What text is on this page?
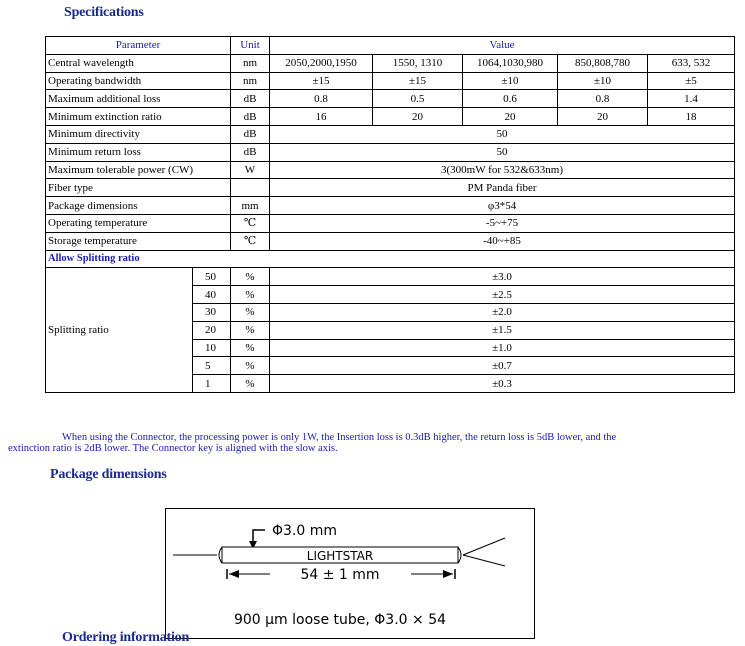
Specifications
Parameter		Unit	Value				
Central wavelength		nm	2050,2000,1950	1550, 1310	1064,1030,980	850,808,780	633, 532
Operating bandwidth		nm	±15	±15	±10	±10	±5
Maximum additional loss		dB	0.8	0.5	0.6	0.8	1.4
Minimum extinction ratio		dB	16	20	20	20	18
Minimum directivity		dB	50				
Minimum return loss		dB	50				
Maximum tolerable power (CW)		W	3(300mW for 532&633nm)				
Fiber type			PM Panda fiber				
Package dimensions		mm	φ3*54				
Operating temperature		℃	-5~+75				
Storage temperature		℃	-40~+85				
Allow Splitting ratio							
Splitting ratio	50	%	±3.0				
	40	%	±2.5				
	30	%	±2.0				
	20	%	±1.5				
	10	%	±1.0				
	5	%	±0.7				
	1	%	±0.3				
When using the Connector, the processing power is only 1W, the Insertion loss is 0.3dB higher, the return loss is 5dB lower, and the
extinction ratio is 2dB lower. The Connector key is aligned with the slow axis.
Package dimensions
Φ3.0 mm
LIGHTSTAR
54 ± 1 mm
900 μm loose tube, Φ3.0 × 54
Ordering information
